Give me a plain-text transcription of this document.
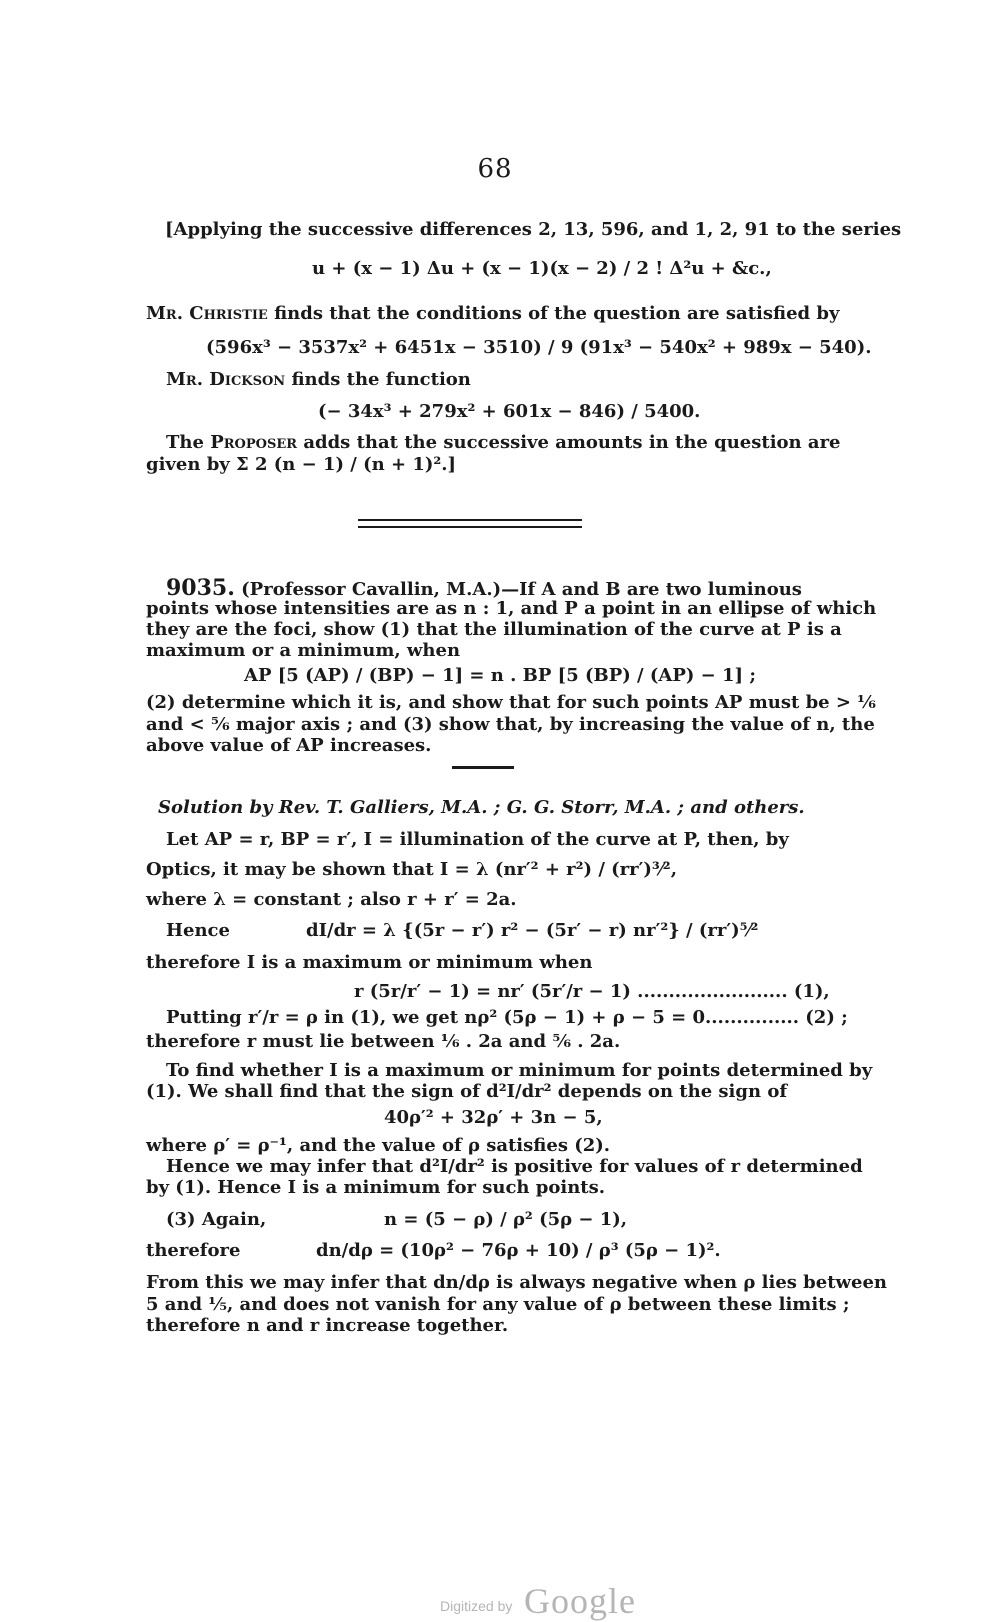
68
[Applying the successive differences 2, 13, 596, and 1, 2, 91 to the series
u + (x − 1) Δu + (x − 1)(x − 2) / 2 ! Δ²u + &c.,
Mr. Christie finds that the conditions of the question are satisfied by
(596x³ − 3537x² + 6451x − 3510) / 9 (91x³ − 540x² + 989x − 540).
Mr. Dickson finds the function
(− 34x³ + 279x² + 601x − 846) / 5400.
The Proposer adds that the successive amounts in the question are
given by Σ 2 (n − 1) / (n + 1)².]
9035. (Professor Cavallin, M.A.)—If A and B are two luminous
points whose intensities are as n : 1, and P a point in an ellipse of which
they are the foci, show (1) that the illumination of the curve at P is a
maximum or a minimum, when
AP [5 (AP) / (BP) − 1] = n . BP [5 (BP) / (AP) − 1] ;
(2) determine which it is, and show that for such points AP must be > ⅙
and < ⅚ major axis ; and (3) show that, by increasing the value of n, the
above value of AP increases.
Solution by Rev. T. Galliers, M.A. ; G. G. Storr, M.A. ; and others.
Let AP = r, BP = r′, I = illumination of the curve at P, then, by
Optics, it may be shown that I = λ (nr′² + r²) / (rr′)³⁄²,
where λ = constant ; also r + r′ = 2a.
Hence	dI/dr = λ {(5r − r′) r² − (5r′ − r) nr′²} / (rr′)⁵⁄²
therefore I is a maximum or minimum when
r (5r/r′ − 1) = nr′ (5r′/r − 1) ........................ (1),
Putting r′/r = ρ in (1), we get nρ² (5ρ − 1) + ρ − 5 = 0............... (2) ;
therefore r must lie between ⅙ . 2a and ⅚ . 2a.
To find whether I is a maximum or minimum for points determined by
(1). We shall find that the sign of d²I/dr² depends on the sign of
40ρ′² + 32ρ′ + 3n − 5,
where ρ′ = ρ⁻¹, and the value of ρ satisfies (2).
Hence we may infer that d²I/dr² is positive for values of r determined
by (1). Hence I is a minimum for such points.
(3) Again,	n = (5 − ρ) / ρ² (5ρ − 1),
therefore	dn/dρ = (10ρ² − 76ρ + 10) / ρ³ (5ρ − 1)².
From this we may infer that dn/dρ is always negative when ρ lies between
5 and ⅕, and does not vanish for any value of ρ between these limits ;
therefore n and r increase together.
Digitized by Google
